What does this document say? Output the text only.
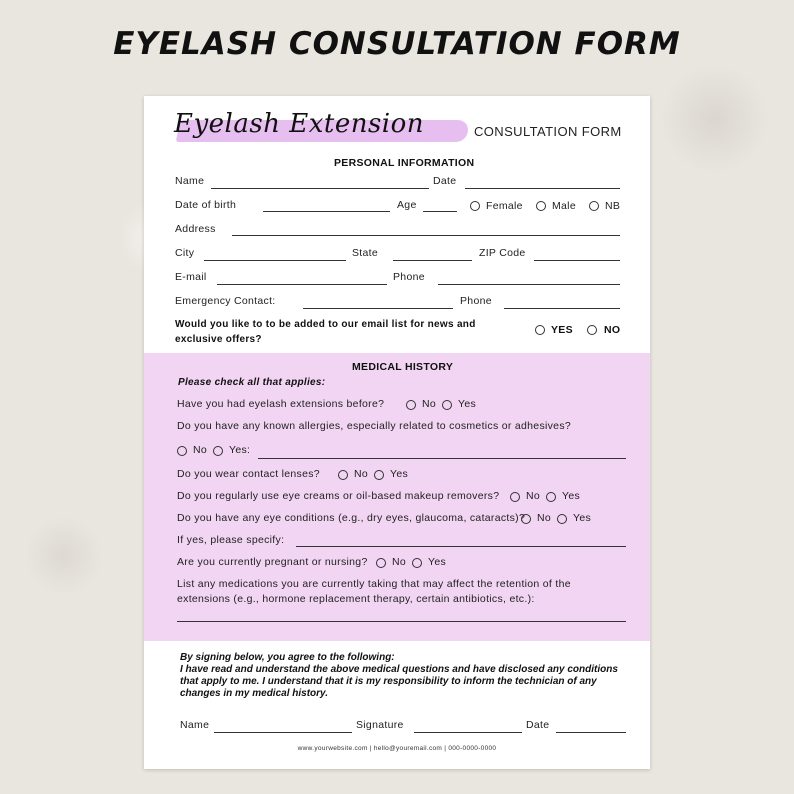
EYELASH CONSULTATION FORM
Eyelash Extension	CONSULTATION FORM
PERSONAL INFORMATION
Name	Date
Date of birth	Age	Female	Male	NB
Address
City	State	ZIP Code
E-mail	Phone
Emergency Contact:	Phone
Would you like to to be added to our email list for news and
exclusive offers?
YES	NO
MEDICAL HISTORY
Please check all that applies:
Have you had eyelash extensions before?	No Yes
Do you have any known allergies, especially related to cosmetics or adhesives?
No Yes:
Do you wear contact lenses?	No Yes
Do you regularly use eye creams or oil-based makeup removers?	No Yes
Do you have any eye conditions (e.g., dry eyes, glaucoma, cataracts)? No Yes
If yes, please specify:
Are you currently pregnant or nursing? No Yes
List any medications you are currently taking that may affect the retention of the
extensions (e.g., hormone replacement therapy, certain antibiotics, etc.):
By signing below, you agree to the following:
I have read and understand the above medical questions and have disclosed any conditions
that apply to me. I understand that it is my responsibility to inform the technician of any
changes in my medical history.
Name	Signature	Date
www.yourwebsite.com | hello@youremail.com | 000-0000-0000
